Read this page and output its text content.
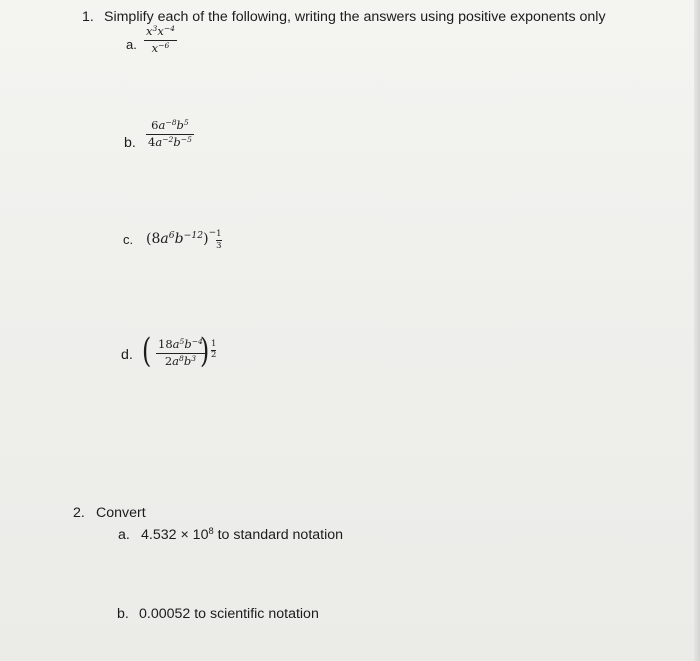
1. Simplify each of the following, writing the answers using positive exponents only
a.
$x^3x^{-4}$
$x^{-6}$
b.
$6a^{-8}b^5$
$4a^{-2}b^{-5}$
c. $(8a^6b^{-12})^- \frac{1}{3}$
d. ( $18a^5b^{-4}$
$2a^8b^3$ ) $\frac{1}{2}$
2. Convert
a. $4.532 \times 10^8$ to standard notation
b. 0.00052 to scientific notation
